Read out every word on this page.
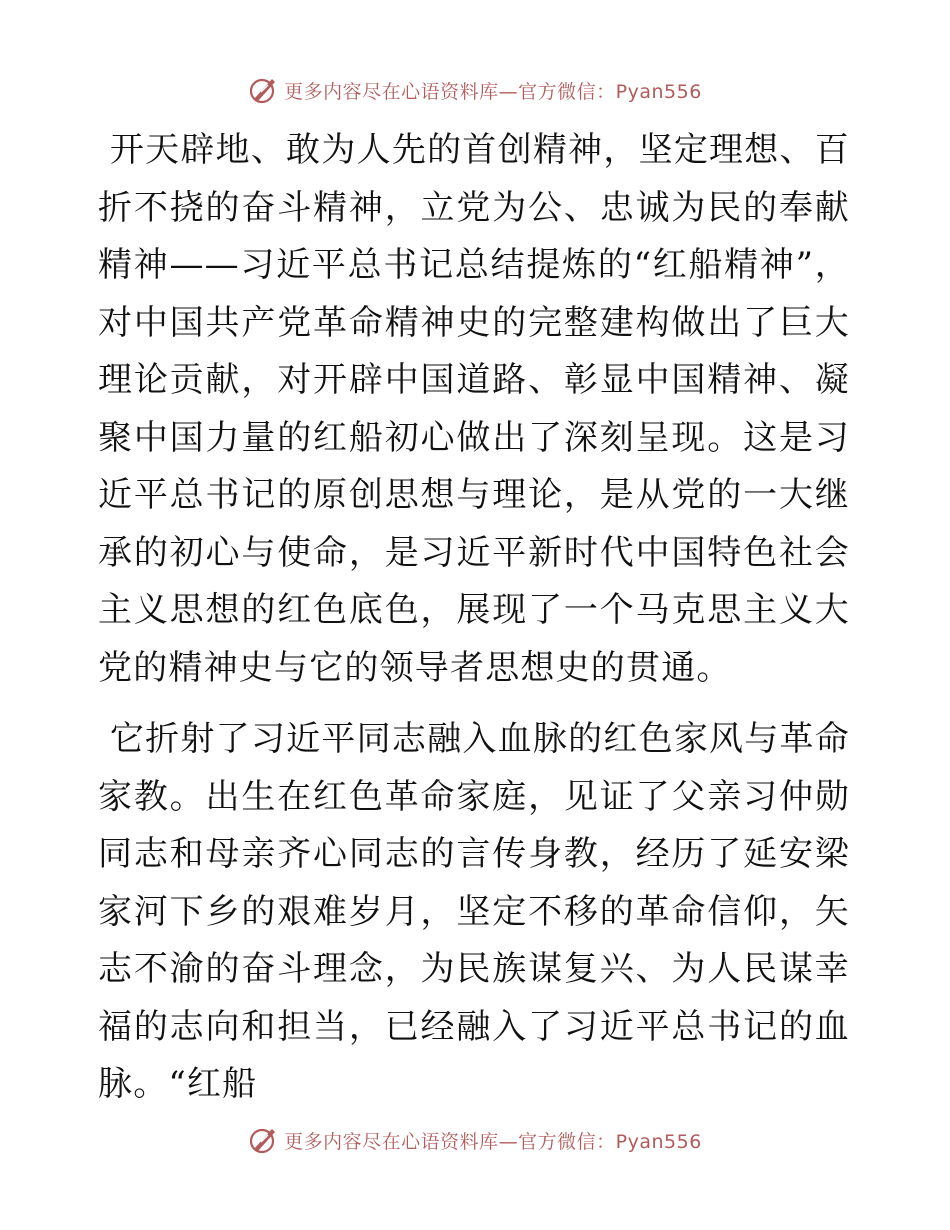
更多内容尽在心语资料库—官方微信：Pyan556

开天辟地、敢为人先的首创精神，坚定理想、百折不挠的奋斗精神，立党为公、忠诚为民的奉献精神——习近平总书记总结提炼的“红船精神”，对中国共产党革命精神史的完整建构做出了巨大理论贡献，对开辟中国道路、彰显中国精神、凝聚中国力量的红船初心做出了深刻呈现。这是习近平总书记的原创思想与理论，是从党的一大继承的初心与使命，是习近平新时代中国特色社会主义思想的红色底色，展现了一个马克思主义大党的精神史与它的领导者思想史的贯通。

它折射了习近平同志融入血脉的红色家风与革命家教。出生在红色革命家庭，见证了父亲习仲勋同志和母亲齐心同志的言传身教，经历了延安梁家河下乡的艰难岁月，坚定不移的革命信仰，矢志不渝的奋斗理念，为民族谋复兴、为人民谋幸福的志向和担当，已经融入了习近平总书记的血脉。“红船

更多内容尽在心语资料库—官方微信：Pyan556
